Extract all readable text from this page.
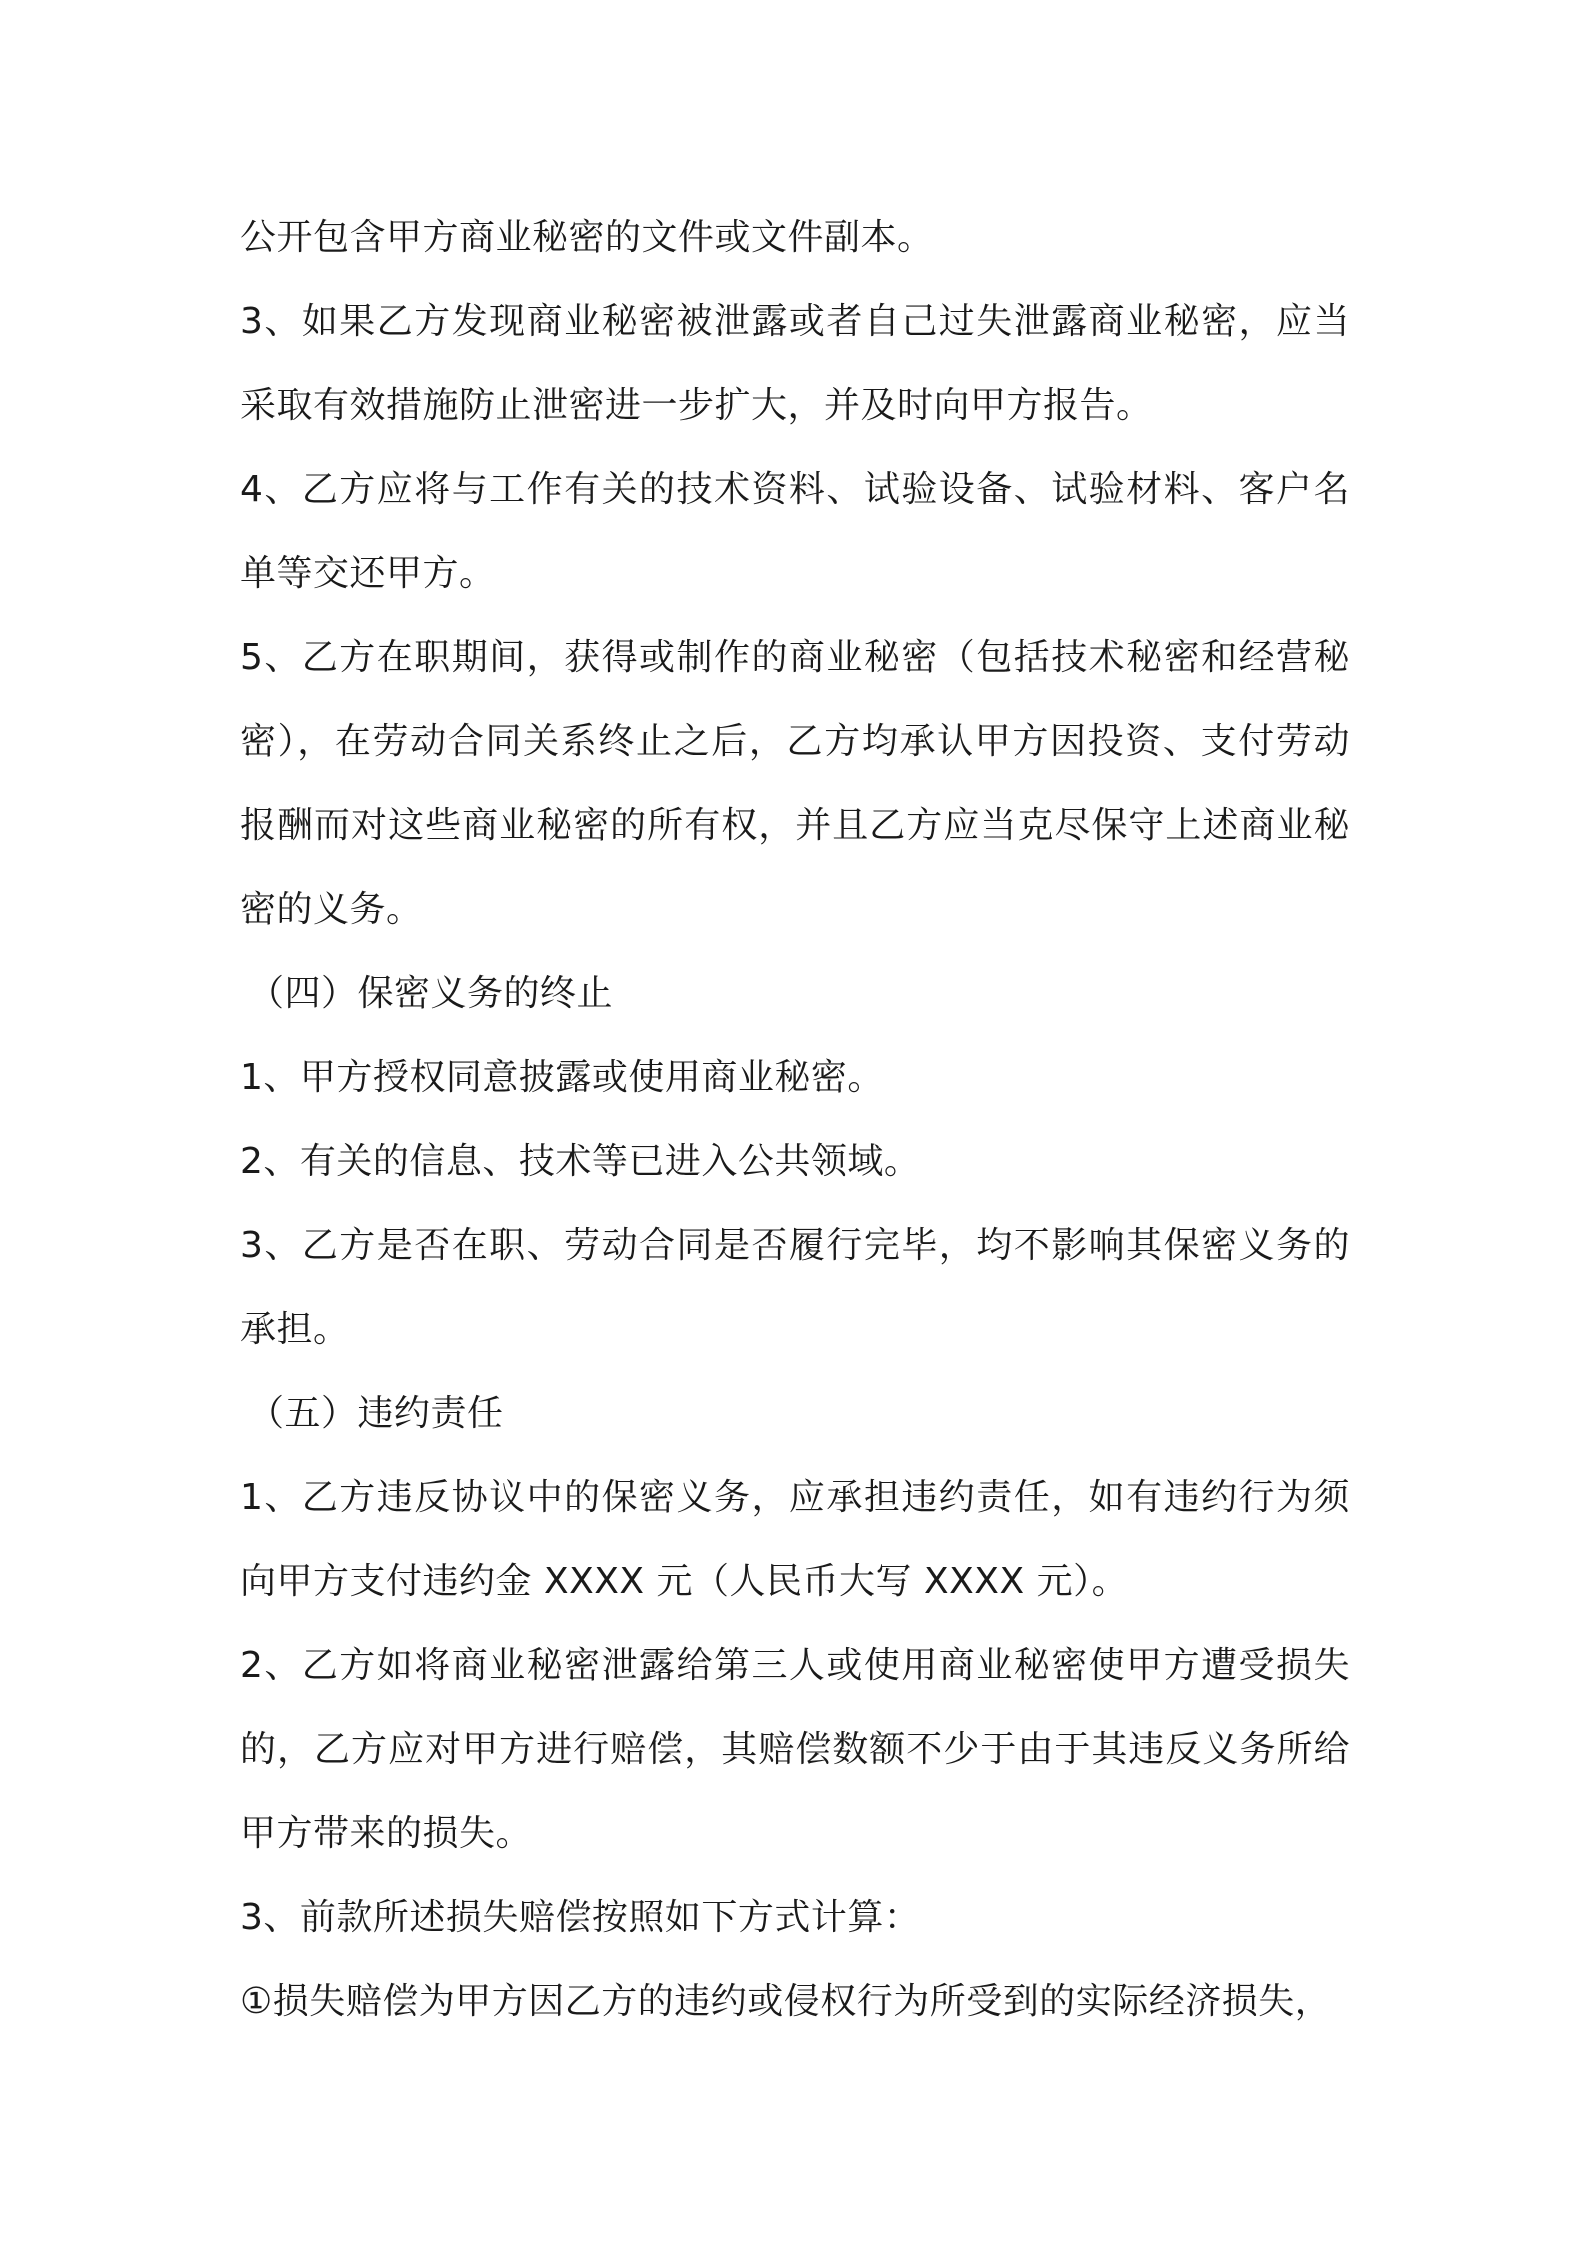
公开包含甲方商业秘密的文件或文件副本。

3、如果乙方发现商业秘密被泄露或者自己过失泄露商业秘密，应当采取有效措施防止泄密进一步扩大，并及时向甲方报告。

4、乙方应将与工作有关的技术资料、试验设备、试验材料、客户名单等交还甲方。

5、乙方在职期间，获得或制作的商业秘密（包括技术秘密和经营秘密），在劳动合同关系终止之后，乙方均承认甲方因投资、支付劳动报酬而对这些商业秘密的所有权，并且乙方应当克尽保守上述商业秘密的义务。

（四）保密义务的终止

1、甲方授权同意披露或使用商业秘密。

2、有关的信息、技术等已进入公共领域。

3、乙方是否在职、劳动合同是否履行完毕，均不影响其保密义务的承担。

（五）违约责任

1、乙方违反协议中的保密义务，应承担违约责任，如有违约行为须向甲方支付违约金 XXXX 元（人民币大写 XXXX 元）。

2、乙方如将商业秘密泄露给第三人或使用商业秘密使甲方遭受损失的，乙方应对甲方进行赔偿，其赔偿数额不少于由于其违反义务所给甲方带来的损失。

3、前款所述损失赔偿按照如下方式计算：

①损失赔偿为甲方因乙方的违约或侵权行为所受到的实际经济损失，
